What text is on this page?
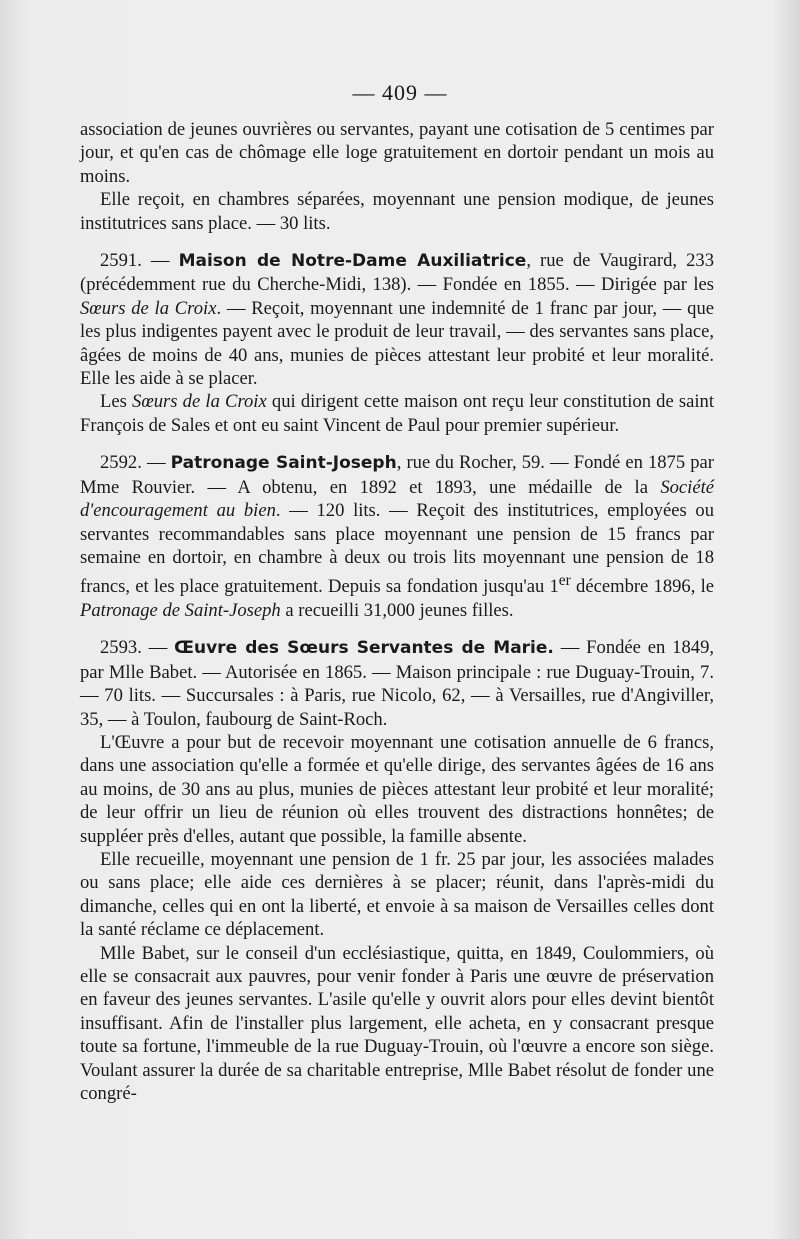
— 409 —

association de jeunes ouvrières ou servantes, payant une cotisation de 5 centimes par jour, et qu'en cas de chômage elle loge gratuitement en dortoir pendant un mois au moins.

Elle reçoit, en chambres séparées, moyennant une pension modique, de jeunes institutrices sans place. — 30 lits.

2591. — Maison de Notre-Dame Auxiliatrice, rue de Vaugirard, 233 (précédemment rue du Cherche-Midi, 138). — Fondée en 1855. — Dirigée par les Sœurs de la Croix. — Reçoit, moyennant une indemnité de 1 franc par jour, — que les plus indigentes payent avec le produit de leur travail, — des servantes sans place, âgées de moins de 40 ans, munies de pièces attestant leur probité et leur moralité. Elle les aide à se placer.

Les Sœurs de la Croix qui dirigent cette maison ont reçu leur constitution de saint François de Sales et ont eu saint Vincent de Paul pour premier supérieur.

2592. — Patronage Saint-Joseph, rue du Rocher, 59. — Fondé en 1875 par Mme Rouvier. — A obtenu, en 1892 et 1893, une médaille de la Société d'encouragement au bien. — 120 lits. — Reçoit des institutrices, employées ou servantes recommandables sans place moyennant une pension de 15 francs par semaine en dortoir, en chambre à deux ou trois lits moyennant une pension de 18 francs, et les place gratuitement. Depuis sa fondation jusqu'au 1er décembre 1896, le Patronage de Saint-Joseph a recueilli 31,000 jeunes filles.

2593. — Œuvre des Sœurs Servantes de Marie. — Fondée en 1849, par Mlle Babet. — Autorisée en 1865. — Maison principale : rue Duguay-Trouin, 7. — 70 lits. — Succursales : à Paris, rue Nicolo, 62, — à Versailles, rue d'Angiviller, 35, — à Toulon, faubourg de Saint-Roch.

L'Œuvre a pour but de recevoir moyennant une cotisation annuelle de 6 francs, dans une association qu'elle a formée et qu'elle dirige, des servantes âgées de 16 ans au moins, de 30 ans au plus, munies de pièces attestant leur probité et leur moralité; de leur offrir un lieu de réunion où elles trouvent des distractions honnêtes; de suppléer près d'elles, autant que possible, la famille absente.

Elle recueille, moyennant une pension de 1 fr. 25 par jour, les associées malades ou sans place; elle aide ces dernières à se placer; réunit, dans l'après-midi du dimanche, celles qui en ont la liberté, et envoie à sa maison de Versailles celles dont la santé réclame ce déplacement.

Mlle Babet, sur le conseil d'un ecclésiastique, quitta, en 1849, Coulommiers, où elle se consacrait aux pauvres, pour venir fonder à Paris une œuvre de préservation en faveur des jeunes servantes. L'asile qu'elle y ouvrit alors pour elles devint bientôt insuffisant. Afin de l'installer plus largement, elle acheta, en y consacrant presque toute sa fortune, l'immeuble de la rue Duguay-Trouin, où l'œuvre a encore son siège. Voulant assurer la durée de sa charitable entreprise, Mlle Babet résolut de fonder une congré-
